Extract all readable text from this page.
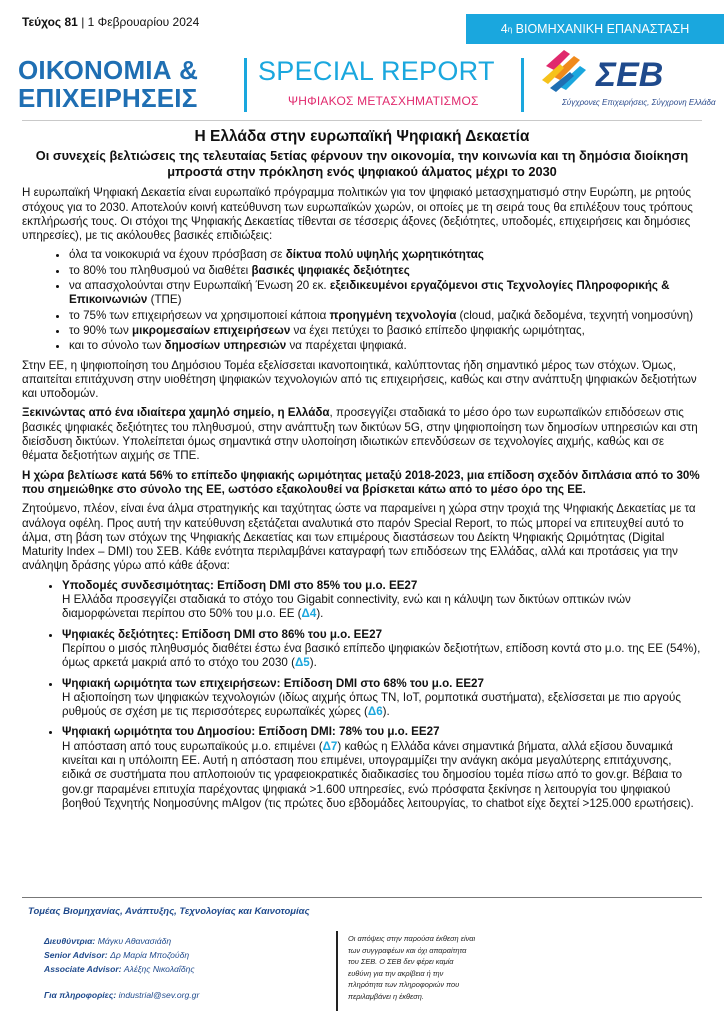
Τεύχος 81 | 1 Φεβρουαρίου 2024	4 η ΒΙΟΜΗΧΑΝΙΚΗ ΕΠΑΝΑΣΤΑΣΗ
ΟΙΚΟΝΟΜΙΑ &
ΕΠΙΧΕΙΡΗΣΕΙΣ
SPECIAL REPORT
ΨΗΦΙΑΚΟΣ ΜΕΤΑΣΧΗΜΑΤΙΣΜΟΣ
ΣΕΒ
Σύγχρονες Επιχειρήσεις, Σύγχρονη Ελλάδα
Η Ελλάδα στην ευρωπαϊκή Ψηφιακή Δεκαετία
Οι συνεχείς βελτιώσεις της τελευταίας 5ετίας φέρνουν την οικονομία, την κοινωνία και τη δημόσια διοίκηση μπροστά στην πρόκληση ενός ψηφιακού άλματος μέχρι το 2030

Η ευρωπαϊκή Ψηφιακή Δεκαετία είναι ευρωπαϊκό πρόγραμμα πολιτικών για τον ψηφιακό μετασχηματισμό στην Ευρώπη, με ρητούς στόχους για το 2030. Αποτελούν κοινή κατεύθυνση των ευρωπαϊκών χωρών, οι οποίες με τη σειρά τους θα επιλέξουν τους τρόπους εκπλήρωσής τους. Οι στόχοι της Ψηφιακής Δεκαετίας τίθενται σε τέσσερις άξονες (δεξιότητες, υποδομές, επιχειρήσεις και δημόσιες υπηρεσίες), με τις ακόλουθες βασικές επιδιώξεις:

• όλα τα νοικοκυριά να έχουν πρόσβαση σε δίκτυα πολύ υψηλής χωρητικότητας
• το 80% του πληθυσμού να διαθέτει βασικές ψηφιακές δεξιότητες
• να απασχολούνται στην Ευρωπαϊκή Ένωση 20 εκ. εξειδικευμένοι εργαζόμενοι στις Τεχνολογίες Πληροφορικής & Επικοινωνιών (ΤΠΕ)
• το 75% των επιχειρήσεων να χρησιμοποιεί κάποια προηγμένη τεχνολογία (cloud, μαζικά δεδομένα, τεχνητή νοημοσύνη)
• το 90% των μικρομεσαίων επιχειρήσεων να έχει πετύχει το βασικό επίπεδο ψηφιακής ωριμότητας,
• και το σύνολο των δημοσίων υπηρεσιών να παρέχεται ψηφιακά.

Στην ΕΕ, η ψηφιοποίηση του Δημόσιου Τομέα εξελίσσεται ικανοποιητικά, καλύπτοντας ήδη σημαντικό μέρος των στόχων. Όμως, απαιτείται επιτάχυνση στην υιοθέτηση ψηφιακών τεχνολογιών από τις επιχειρήσεις, καθώς και στην ανάπτυξη ψηφιακών δεξιοτήτων και υποδομών.

Ξεκινώντας από ένα ιδιαίτερα χαμηλό σημείο, η Ελλάδα, προσεγγίζει σταδιακά το μέσο όρο των ευρωπαϊκών επιδόσεων στις βασικές ψηφιακές δεξιότητες του πληθυσμού, στην ανάπτυξη των δικτύων 5G, στην ψηφιοποίηση των δημοσίων υπηρεσιών και στη διείσδυση δικτύων. Υπολείπεται όμως σημαντικά στην υλοποίηση ιδιωτικών επενδύσεων σε τεχνολογίες αιχμής, καθώς και σε θέματα δεξιοτήτων αιχμής σε ΤΠΕ.

Η χώρα βελτίωσε κατά 56% το επίπεδο ψηφιακής ωριμότητας μεταξύ 2018-2023, μια επίδοση σχεδόν διπλάσια από το 30% που σημειώθηκε στο σύνολο της ΕΕ, ωστόσο εξακολουθεί να βρίσκεται κάτω από το μέσο όρο της ΕΕ.

Ζητούμενο, πλέον, είναι ένα άλμα στρατηγικής και ταχύτητας ώστε να παραμείνει η χώρα στην τροχιά της Ψηφιακής Δεκαετίας με τα ανάλογα οφέλη. Προς αυτή την κατεύθυνση εξετάζεται αναλυτικά στο παρόν Special Report, το πώς μπορεί να επιτευχθεί αυτό το άλμα, στη βάση των στόχων της Ψηφιακής Δεκαετίας και των επιμέρους διαστάσεων του Δείκτη Ψηφιακής Ωριμότητας (Digital Maturity Index – DMI) του ΣΕΒ. Κάθε ενότητα περιλαμβάνει καταγραφή των επιδόσεων της Ελλάδας, αλλά και προτάσεις για την ανάληψη δράσης γύρω από κάθε άξονα:

• Υποδομές συνδεσιμότητας: Επίδοση DMI στο 85% του μ.ο. ΕΕ27
Η Ελλάδα προσεγγίζει σταδιακά το στόχο του Gigabit connectivity, ενώ και η κάλυψη των δικτύων οπτικών ινών διαμορφώνεται περίπου στο 50% του μ.ο. ΕΕ (Δ4).
• Ψηφιακές δεξιότητες: Επίδοση DMI στο 86% του μ.ο. ΕΕ27
Περίπου ο μισός πληθυσμός διαθέτει έστω ένα βασικό επίπεδο ψηφιακών δεξιοτήτων, επίδοση κοντά στο μ.ο. της ΕΕ (54%), όμως αρκετά μακριά από το στόχο του 2030 (Δ5).
• Ψηφιακή ωριμότητα των επιχειρήσεων: Επίδοση DMI στο 68% του μ.ο. ΕΕ27
Η αξιοποίηση των ψηφιακών τεχνολογιών (ιδίως αιχμής όπως ΤΝ, IoT, ρομποτικά συστήματα), εξελίσσεται με πιο αργούς ρυθμούς σε σχέση με τις περισσότερες ευρωπαϊκές χώρες (Δ6).
• Ψηφιακή ωριμότητα του Δημοσίου: Επίδοση DMI: 78% του μ.ο. ΕΕ27
Η απόσταση από τους ευρωπαϊκούς μ.ο. επιμένει (Δ7) καθώς η Ελλάδα κάνει σημαντικά βήματα, αλλά εξίσου δυναμικά κινείται και η υπόλοιπη ΕΕ. Αυτή η απόσταση που επιμένει, υπογραμμίζει την ανάγκη ακόμα μεγαλύτερης επιτάχυνσης, ειδικά σε συστήματα που απλοποιούν τις γραφειοκρατικές διαδικασίες του δημοσίου τομέα πίσω από το gov.gr. Βέβαια το gov.gr παραμένει επιτυχία παρέχοντας ψηφιακά >1.600 υπηρεσίες, ενώ πρόσφατα ξεκίνησε η λειτουργία του ψηφιακού βοηθού Τεχνητής Νοημοσύνης mAIgov (τις πρώτες δυο εβδομάδες λειτουργίας, το chatbot είχε δεχτεί >125.000 ερωτήσεις).
Τομέας Βιομηχανίας, Ανάπτυξης, Τεχνολογίας και Καινοτομίας
Διευθύντρια: Μάγκυ Αθανασιάδη
Senior Advisor: Δρ Μαρία Μποζούδη
Associate Advisor: Αλέξης Νικολαΐδης
Για πληροφορίες: industrial@sev.org.gr
Οι απόψεις στην παρούσα έκθεση είναι των συγγραφέων και όχι απαραίτητα του ΣΕΒ. Ο ΣΕΒ δεν φέρει καμία ευθύνη για την ακρίβεια ή την πληρότητα των πληροφοριών που περιλαμβάνει η έκθεση.
